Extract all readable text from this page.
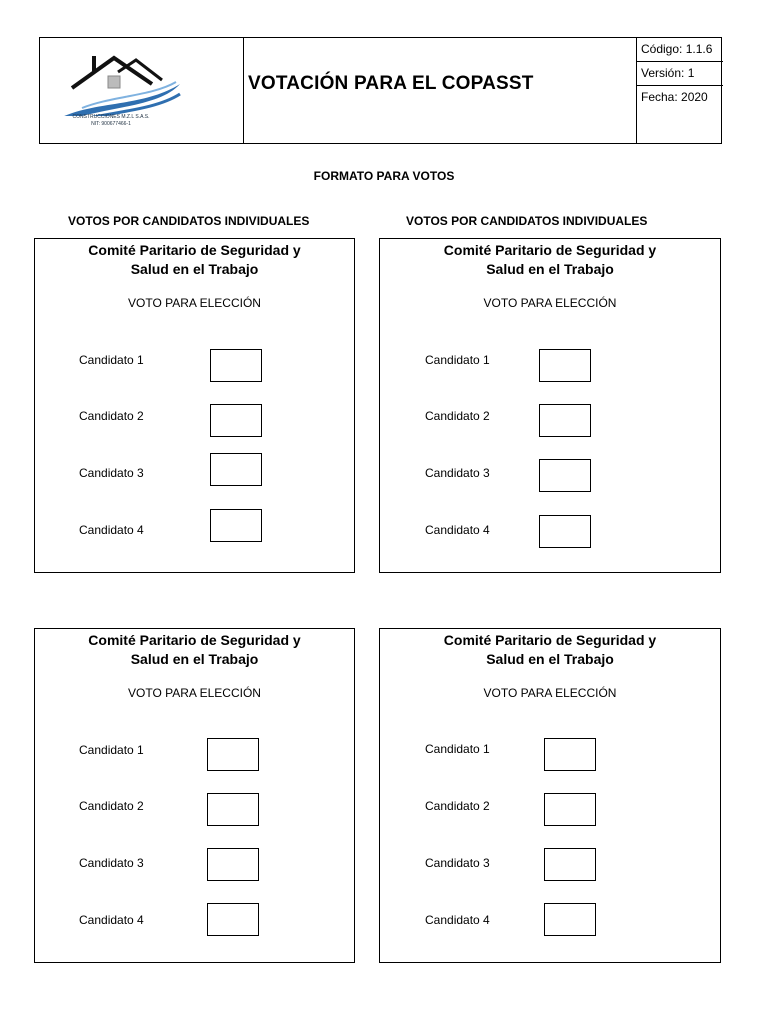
CONSTRUCCIONES M.Z.L S.A.S.
NIT: 900677466-1
VOTACIÓN PARA EL COPASST
Código: 1.1.6
Versión: 1
Fecha: 2020
FORMATO PARA VOTOS
VOTOS POR CANDIDATOS INDIVIDUALES	VOTOS POR CANDIDATOS INDIVIDUALES
Comité Paritario de Seguridad y
Salud en el Trabajo
VOTO PARA ELECCIÓN
Candidato 1
Candidato 2
Candidato 3
Candidato 4
Comité Paritario de Seguridad y
Salud en el Trabajo
VOTO PARA ELECCIÓN
Candidato 1
Candidato 2
Candidato 3
Candidato 4
Comité Paritario de Seguridad y
Salud en el Trabajo
VOTO PARA ELECCIÓN
Candidato 1
Candidato 2
Candidato 3
Candidato 4
Comité Paritario de Seguridad y
Salud en el Trabajo
VOTO PARA ELECCIÓN
Candidato 1
Candidato 2
Candidato 3
Candidato 4
